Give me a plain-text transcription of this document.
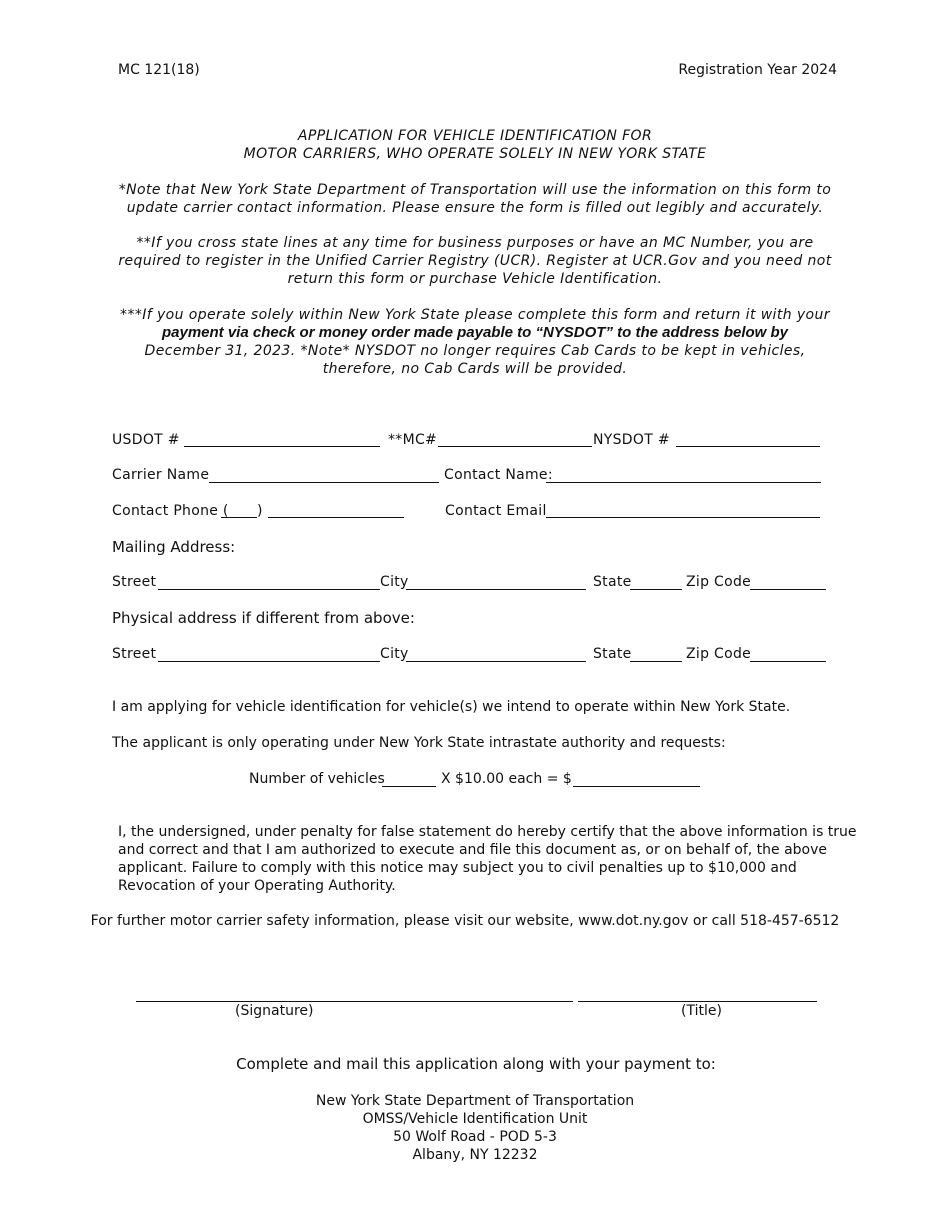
MC 121(18)	Registration Year 2024
APPLICATION FOR VEHICLE IDENTIFICATION FOR
MOTOR CARRIERS, WHO OPERATE SOLELY IN NEW YORK STATE
*Note that New York State Department of Transportation will use the information on this form to
update carrier contact information. Please ensure the form is filled out legibly and accurately.
**If you cross state lines at any time for business purposes or have an MC Number, you are
required to register in the Unified Carrier Registry (UCR). Register at UCR.Gov and you need not
return this form or purchase Vehicle Identification.
***If you operate solely within New York State please complete this form and return it with your
payment via check or money order made payable to “NYSDOT” to the address below by
December 31, 2023. *Note* NYSDOT no longer requires Cab Cards to be kept in vehicles,
therefore, no Cab Cards will be provided.
USDOT #	**MC#	NYSDOT #
Carrier Name	Contact Name:
Contact Phone ( )	Contact Email
Mailing Address:
Street	City	State	Zip Code
Physical address if different from above:
Street	City	State	Zip Code
I am applying for vehicle identification for vehicle(s) we intend to operate within New York State.
The applicant is only operating under New York State intrastate authority and requests:
Number of vehicles	X $10.00 each = $
I, the undersigned, under penalty for false statement do hereby certify that the above information is true
and correct and that I am authorized to execute and file this document as, or on behalf of, the above
applicant. Failure to comply with this notice may subject you to civil penalties up to $10,000 and
Revocation of your Operating Authority.
For further motor carrier safety information, please visit our website, www.dot.ny.gov or call 518-457-6512
(Signature)	(Title)
Complete and mail this application along with your payment to:
New York State Department of Transportation
OMSS/Vehicle Identification Unit
50 Wolf Road - POD 5-3
Albany, NY 12232
